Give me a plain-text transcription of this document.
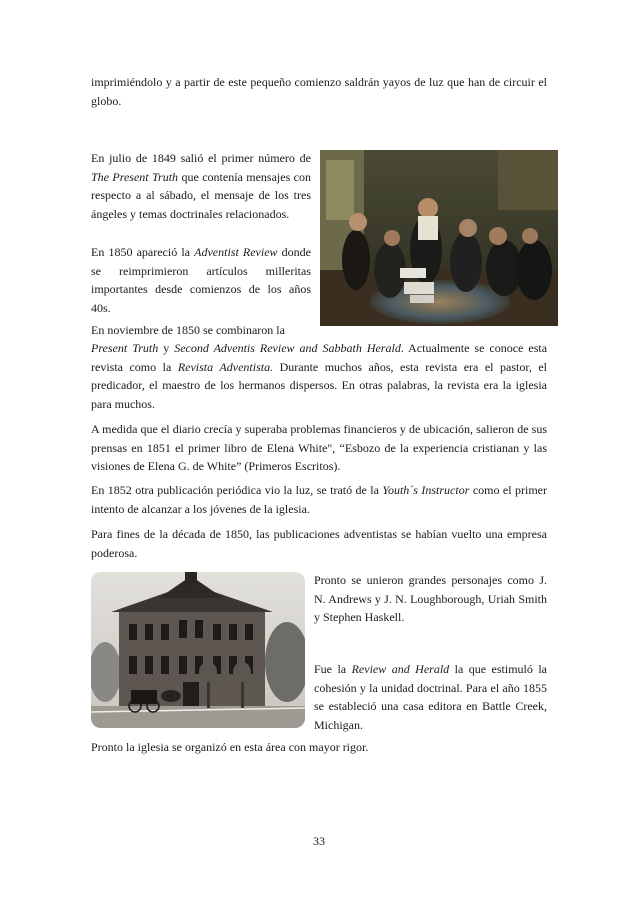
imprimiéndolo y a partir de este pequeño comienzo saldrán yayos de luz que han de circuir el globo.

En julio de 1849 salió el primer número de The Present Truth que contenía mensajes con respecto a al sábado, el mensaje de los tres ángeles y temas doctrinales relacionados.

En 1850 apareció la Adventist Review donde se reimprimieron artículos milleritas importantes desde comienzos de los años 40s.

En noviembre de 1850 se combinaron la

Present Truth y Second Adventis Review and Sabbath Herald. Actualmente se conoce esta revista como la Revista Adventista. Durante muchos años, esta revista era el pastor, el predicador, el maestro de los hermanos dispersos. En otras palabras, la revista era la iglesia para muchos.

A medida que el diario crecía y superaba problemas financieros y de ubicación, salieron de sus prensas en 1851 el primer libro de Elena White", “Esbozo de la experiencia cristianan y las visiones de Elena G. de White” (Primeros Escritos).

En 1852 otra publicación periódica vio la luz, se trató de la Youth´s Instructor como el primer intento de alcanzar a los jóvenes de la iglesia.

Para fines de la década de 1850, las publicaciones adventistas se habían vuelto una empresa poderosa.

Pronto se unieron grandes personajes como J. N. Andrews y J. N. Loughborough, Uriah Smith y Stephen Haskell.

Fue la Review and Herald la que estimuló la cohesión y la unidad doctrinal. Para el año 1855 se estableció una casa editora en Battle Creek, Michigan.

Pronto la iglesia se organizó en esta área con mayor rigor.

33
